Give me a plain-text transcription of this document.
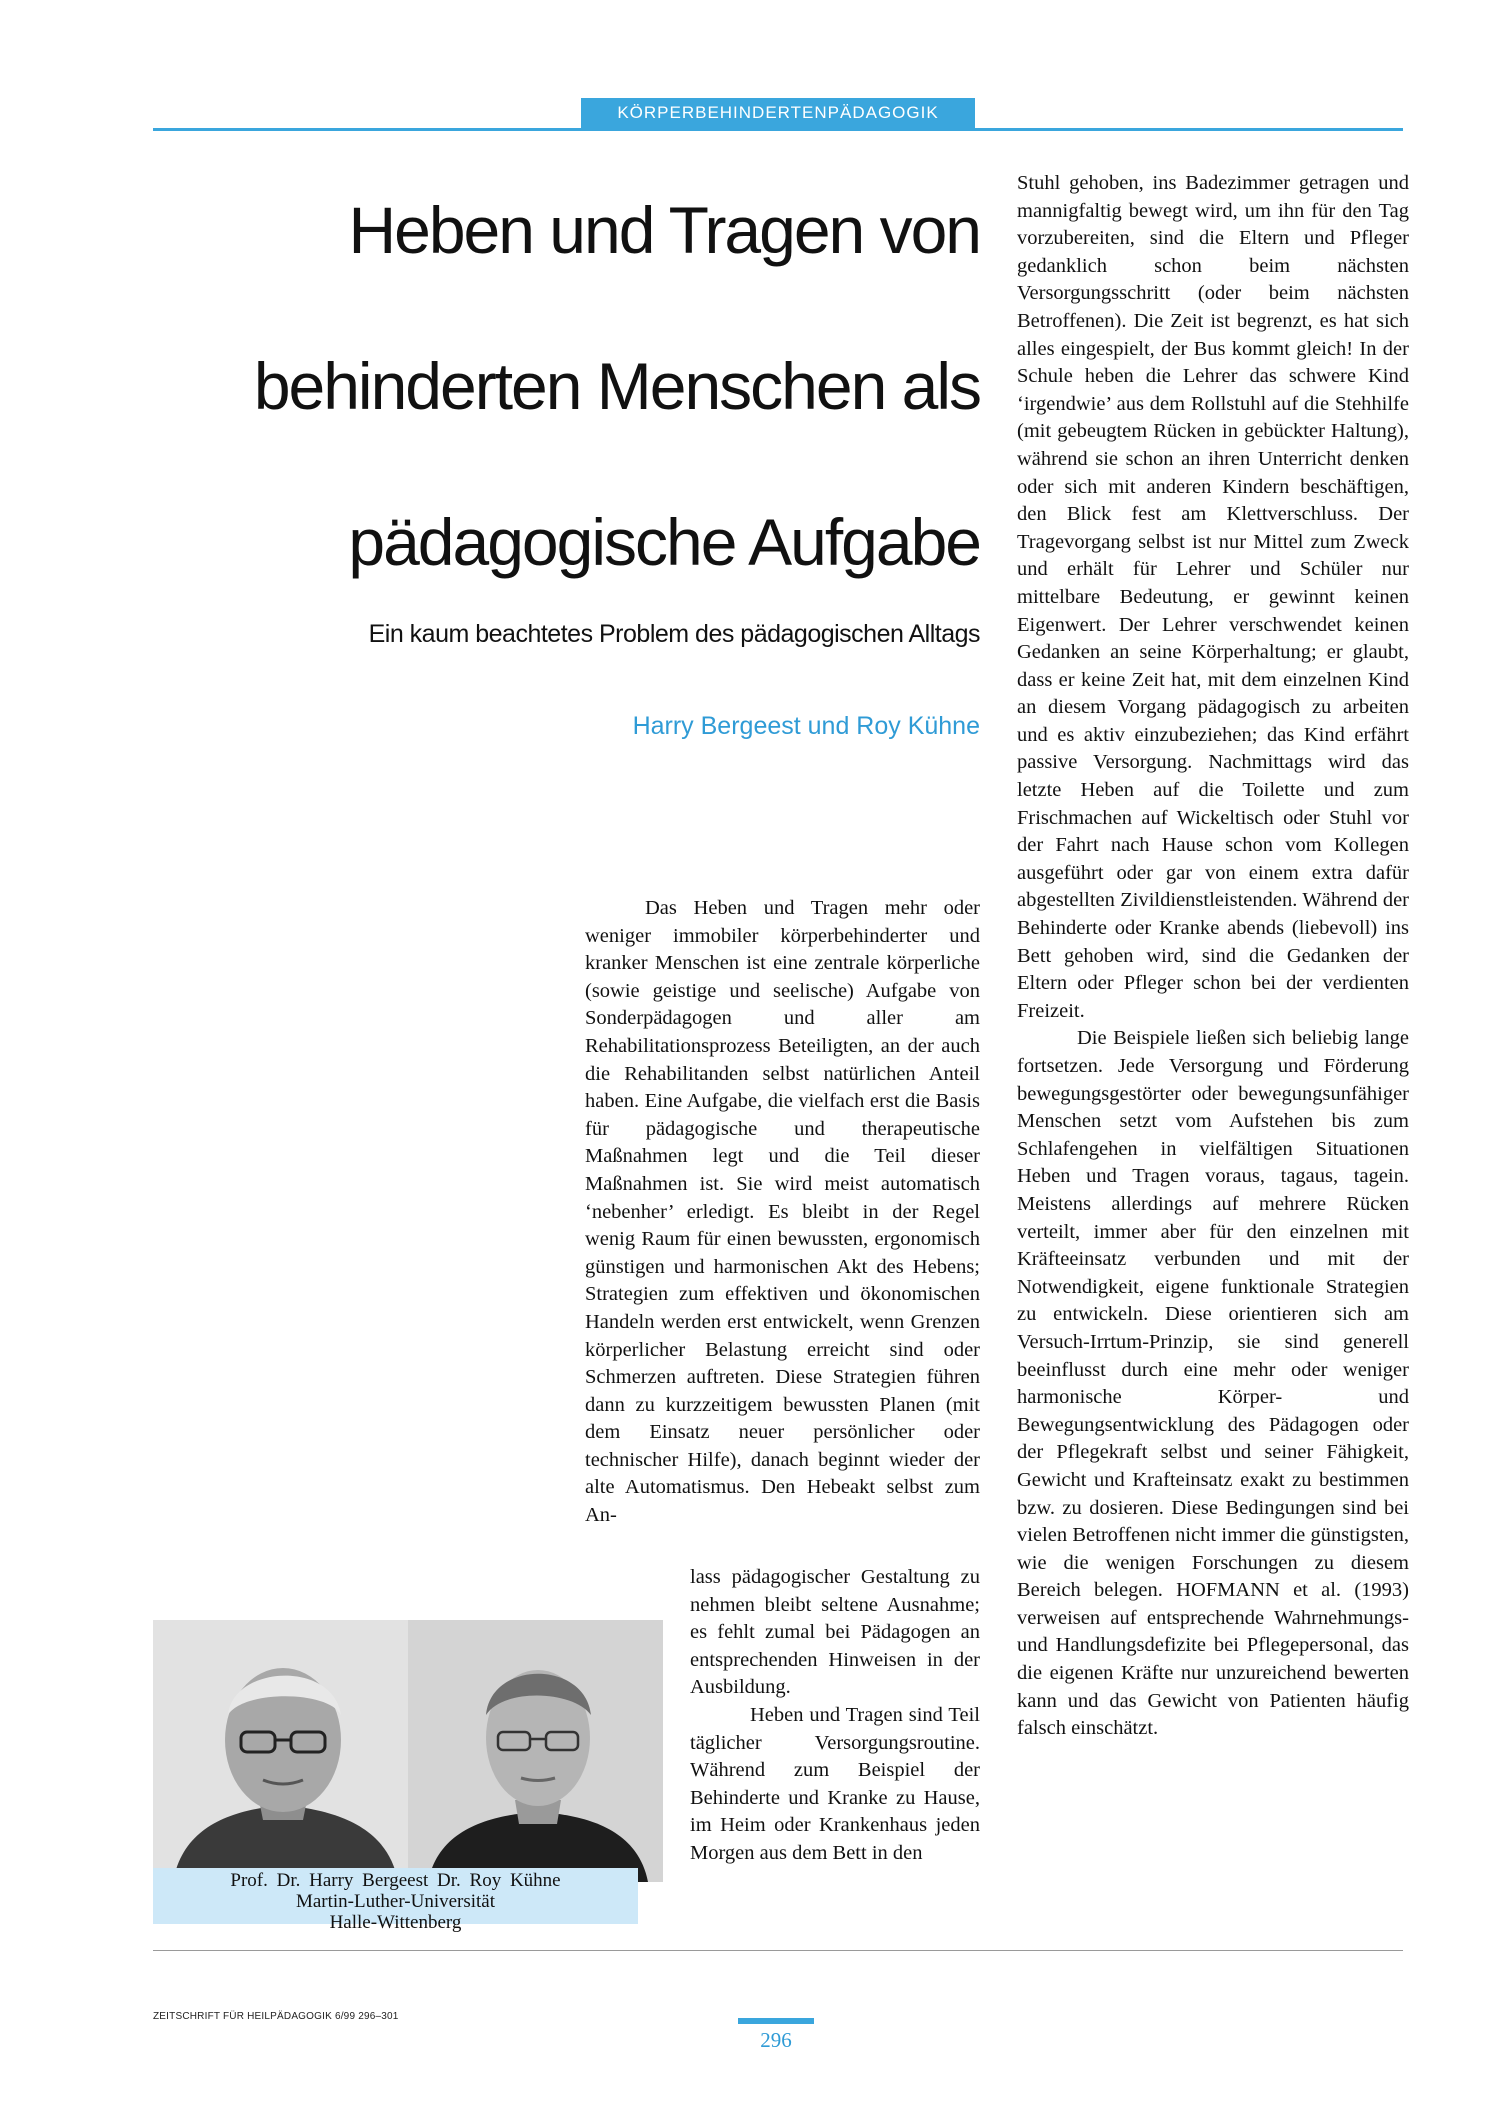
KÖRPERBEHINDERTENPÄDAGOGIK
Heben und Tragen von
behinderten Menschen als
pädagogische Aufgabe
Ein kaum beachtetes Problem des pädagogischen Alltags
Harry Bergeest und Roy Kühne

Das Heben und Tragen mehr oder weniger immobiler körperbehinderter und kranker Menschen ist eine zentrale körperliche (sowie geistige und seelische) Aufgabe von Sonderpädagogen und aller am Rehabilitationsprozess Beteiligten, an der auch die Rehabilitanden selbst natürlichen Anteil haben. Eine Aufgabe, die vielfach erst die Basis für pädagogische und therapeutische Maßnahmen legt und die Teil dieser Maßnahmen ist. Sie wird meist automatisch ‘nebenher’ erledigt. Es bleibt in der Regel wenig Raum für einen bewussten, ergonomisch günstigen und harmonischen Akt des Hebens; Strategien zum effektiven und ökonomischen Handeln werden erst entwickelt, wenn Grenzen körperlicher Belastung erreicht sind oder Schmerzen auftreten. Diese Strategien führen dann zu kurzzeitigem bewussten Planen (mit dem Einsatz neuer persönlicher oder technischer Hilfe), danach beginnt wieder der alte Automatismus. Den Hebeakt selbst zum An-

Prof. Dr. Harry Bergeest Dr. Roy Kühne
Martin-Luther-Universität
Halle-Wittenberg

lass pädagogischer Gestaltung zu nehmen bleibt seltene Ausnahme; es fehlt zumal bei Pädagogen an entsprechenden Hinweisen in der Ausbildung.

Heben und Tragen sind Teil täglicher Versorgungsroutine. Während zum Beispiel der Behinderte und Kranke zu Hause, im Heim oder Krankenhaus jeden Morgen aus dem Bett in den

Stuhl gehoben, ins Badezimmer getragen und mannigfaltig bewegt wird, um ihn für den Tag vorzubereiten, sind die Eltern und Pfleger gedanklich schon beim nächsten Versorgungsschritt (oder beim nächsten Betroffenen). Die Zeit ist begrenzt, es hat sich alles eingespielt, der Bus kommt gleich! In der Schule heben die Lehrer das schwere Kind ‘irgendwie’ aus dem Rollstuhl auf die Stehhilfe (mit gebeugtem Rücken in gebückter Haltung), während sie schon an ihren Unterricht denken oder sich mit anderen Kindern beschäftigen, den Blick fest am Klettverschluss. Der Tragevorgang selbst ist nur Mittel zum Zweck und erhält für Lehrer und Schüler nur mittelbare Bedeutung, er gewinnt keinen Eigenwert. Der Lehrer verschwendet keinen Gedanken an seine Körperhaltung; er glaubt, dass er keine Zeit hat, mit dem einzelnen Kind an diesem Vorgang pädagogisch zu arbeiten und es aktiv einzubeziehen; das Kind erfährt passive Versorgung. Nachmittags wird das letzte Heben auf die Toilette und zum Frischmachen auf Wickeltisch oder Stuhl vor der Fahrt nach Hause schon vom Kollegen ausgeführt oder gar von einem extra dafür abgestellten Zivildienstleistenden. Während der Behinderte oder Kranke abends (liebevoll) ins Bett gehoben wird, sind die Gedanken der Eltern oder Pfleger schon bei der verdienten Freizeit.

Die Beispiele ließen sich beliebig lange fortsetzen. Jede Versorgung und Förderung bewegungsgestörter oder bewegungsunfähiger Menschen setzt vom Aufstehen bis zum Schlafengehen in vielfältigen Situationen Heben und Tragen voraus, tagaus, tagein. Meistens allerdings auf mehrere Rücken verteilt, immer aber für den einzelnen mit Kräfteeinsatz verbunden und mit der Notwendigkeit, eigene funktionale Strategien zu entwickeln. Diese orientieren sich am Versuch-Irrtum-Prinzip, sie sind generell beeinflusst durch eine mehr oder weniger harmonische Körper- und Bewegungsentwicklung des Pädagogen oder der Pflegekraft selbst und seiner Fähigkeit, Gewicht und Krafteinsatz exakt zu bestimmen bzw. zu dosieren. Diese Bedingungen sind bei vielen Betroffenen nicht immer die günstigsten, wie die wenigen Forschungen zu diesem Bereich belegen. HOFMANN et al. (1993) verweisen auf entsprechende Wahrnehmungs- und Handlungsdefizite bei Pflegepersonal, das die eigenen Kräfte nur unzureichend bewerten kann und das Gewicht von Patienten häufig falsch einschätzt.

ZEITSCHRIFT FÜR HEILPÄDAGOGIK 6/99 296–301
296
